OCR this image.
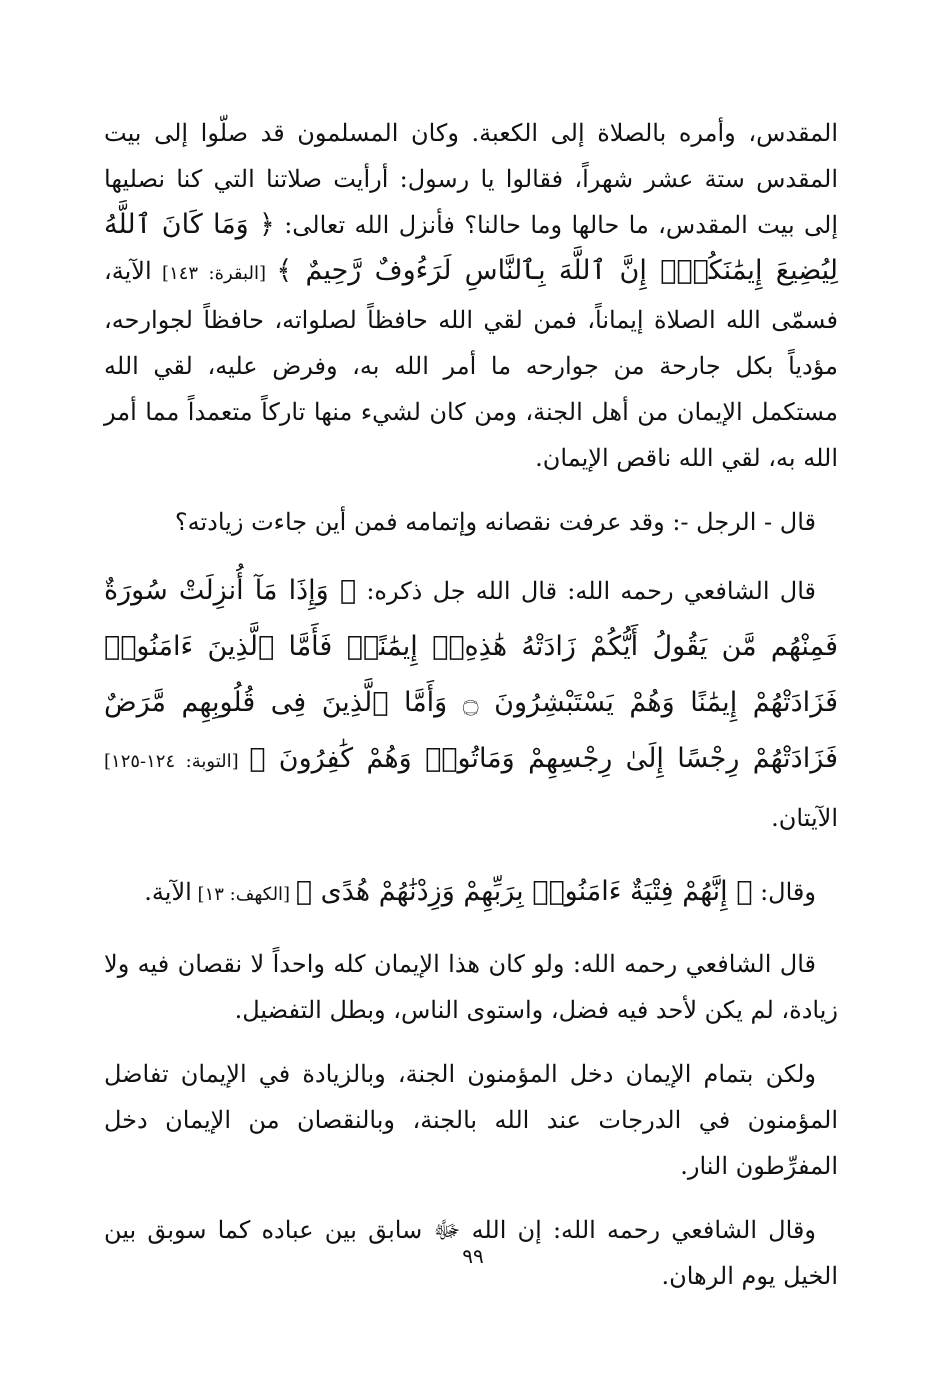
المقدس، وأمره بالصلاة إلى الكعبة. وكان المسلمون قد صلّوا إلى بيت المقدس ستة عشر شهراً، فقالوا يا رسول: أرأيت صلاتنا التي كنا نصليها إلى بيت المقدس، ما حالها وما حالنا؟ فأنزل الله تعالى: ﴿ وَمَا كَانَ ٱللَّهُ لِيُضِيعَ إِيمَٰنَكُمْۚ إِنَّ ٱللَّهَ بِٱلنَّاسِ لَرَءُوفٌ رَّحِيمٌ ﴾ [البقرة: ١٤٣] الآية، فسمّى الله الصلاة إيماناً، فمن لقي الله حافظاً لصلواته، حافظاً لجوارحه، مؤدياً بكل جارحة من جوارحه ما أمر الله به، وفرض عليه، لقي الله مستكمل الإيمان من أهل الجنة، ومن كان لشيء منها تاركاً متعمداً مما أمر الله به، لقي الله ناقص الإيمان.

قال - الرجل -: وقد عرفت نقصانه وإتمامه فمن أين جاءت زيادته؟

قال الشافعي رحمه الله: قال الله جل ذكره: ﴿ وَإِذَا مَآ أُنزِلَتْ سُورَةٌ فَمِنْهُم مَّن يَقُولُ أَيُّكُمْ زَادَتْهُ هَٰذِهِۦٓ إِيمَٰنًاۚ فَأَمَّا ٱلَّذِينَ ءَامَنُوا۟ فَزَادَتْهُمْ إِيمَٰنًا وَهُمْ يَسْتَبْشِرُونَ ۝ وَأَمَّا ٱلَّذِينَ فِى قُلُوبِهِم مَّرَضٌ فَزَادَتْهُمْ رِجْسًا إِلَىٰ رِجْسِهِمْ وَمَاتُوا۟ وَهُمْ كَٰفِرُونَ ﴾ [التوبة: ١٢٤-١٢٥] الآيتان.

وقال: ﴿ إِنَّهُمْ فِتْيَةٌ ءَامَنُوا۟ بِرَبِّهِمْ وَزِدْنَٰهُمْ هُدًى ﴾ [الكهف: ١٣] الآية.

قال الشافعي رحمه الله: ولو كان هذا الإيمان كله واحداً لا نقصان فيه ولا زيادة، لم يكن لأحد فيه فضل، واستوى الناس، وبطل التفضيل.

ولكن بتمام الإيمان دخل المؤمنون الجنة، وبالزيادة في الإيمان تفاضل المؤمنون في الدرجات عند الله بالجنة، وبالنقصان من الإيمان دخل المفرِّطون النار.

وقال الشافعي رحمه الله: إن الله ﷻ سابق بين عباده كما سوبق بين الخيل يوم الرهان.

٩٩
